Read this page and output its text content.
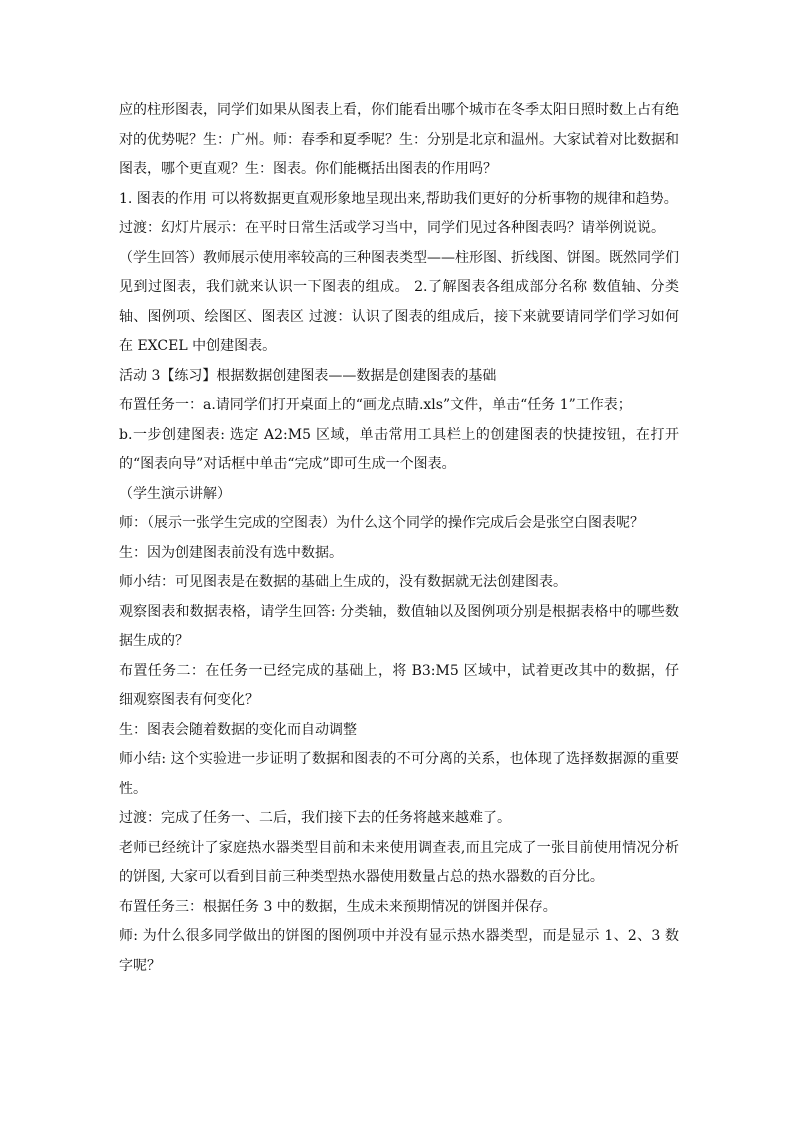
应的柱形图表，同学们如果从图表上看，你们能看出哪个城市在冬季太阳日照时数上占有绝对的优势呢？生：广州。师：春季和夏季呢？生：分别是北京和温州。大家试着对比数据和图表，哪个更直观？生：图表。你们能概括出图表的作用吗？

1. 图表的作用 可以将数据更直观形象地呈现出来,帮助我们更好的分析事物的规律和趋势。

过渡：幻灯片展示：在平时日常生活或学习当中，同学们见过各种图表吗？请举例说说。

（学生回答）教师展示使用率较高的三种图表类型——柱形图、折线图、饼图。既然同学们见到过图表，我们就来认识一下图表的组成。 2.了解图表各组成部分名称 数值轴、分类轴、图例项、绘图区、图表区 过渡：认识了图表的组成后，接下来就要请同学们学习如何在 EXCEL 中创建图表。

活动 3【练习】根据数据创建图表——数据是创建图表的基础

布置任务一：a.请同学们打开桌面上的“画龙点睛.xls”文件，单击“任务 1”工作表；

b.一步创建图表: 选定 A2:M5 区域，单击常用工具栏上的创建图表的快捷按钮，在打开的“图表向导”对话框中单击“完成”即可生成一个图表。

（学生演示讲解）

师：（展示一张学生完成的空图表）为什么这个同学的操作完成后会是张空白图表呢？

生：因为创建图表前没有选中数据。

师小结：可见图表是在数据的基础上生成的，没有数据就无法创建图表。

观察图表和数据表格，请学生回答: 分类轴，数值轴以及图例项分别是根据表格中的哪些数据生成的？

布置任务二：在任务一已经完成的基础上，将 B3:M5 区域中，试着更改其中的数据，仔细观察图表有何变化？

生：图表会随着数据的变化而自动调整

师小结: 这个实验进一步证明了数据和图表的不可分离的关系，也体现了选择数据源的重要性。

过渡：完成了任务一、二后，我们接下去的任务将越来越难了。

老师已经统计了家庭热水器类型目前和未来使用调查表,而且完成了一张目前使用情况分析的饼图, 大家可以看到目前三种类型热水器使用数量占总的热水器数的百分比。

布置任务三：根据任务 3 中的数据，生成未来预期情况的饼图并保存。

师: 为什么很多同学做出的饼图的图例项中并没有显示热水器类型，而是显示 1、2、3 数字呢？
